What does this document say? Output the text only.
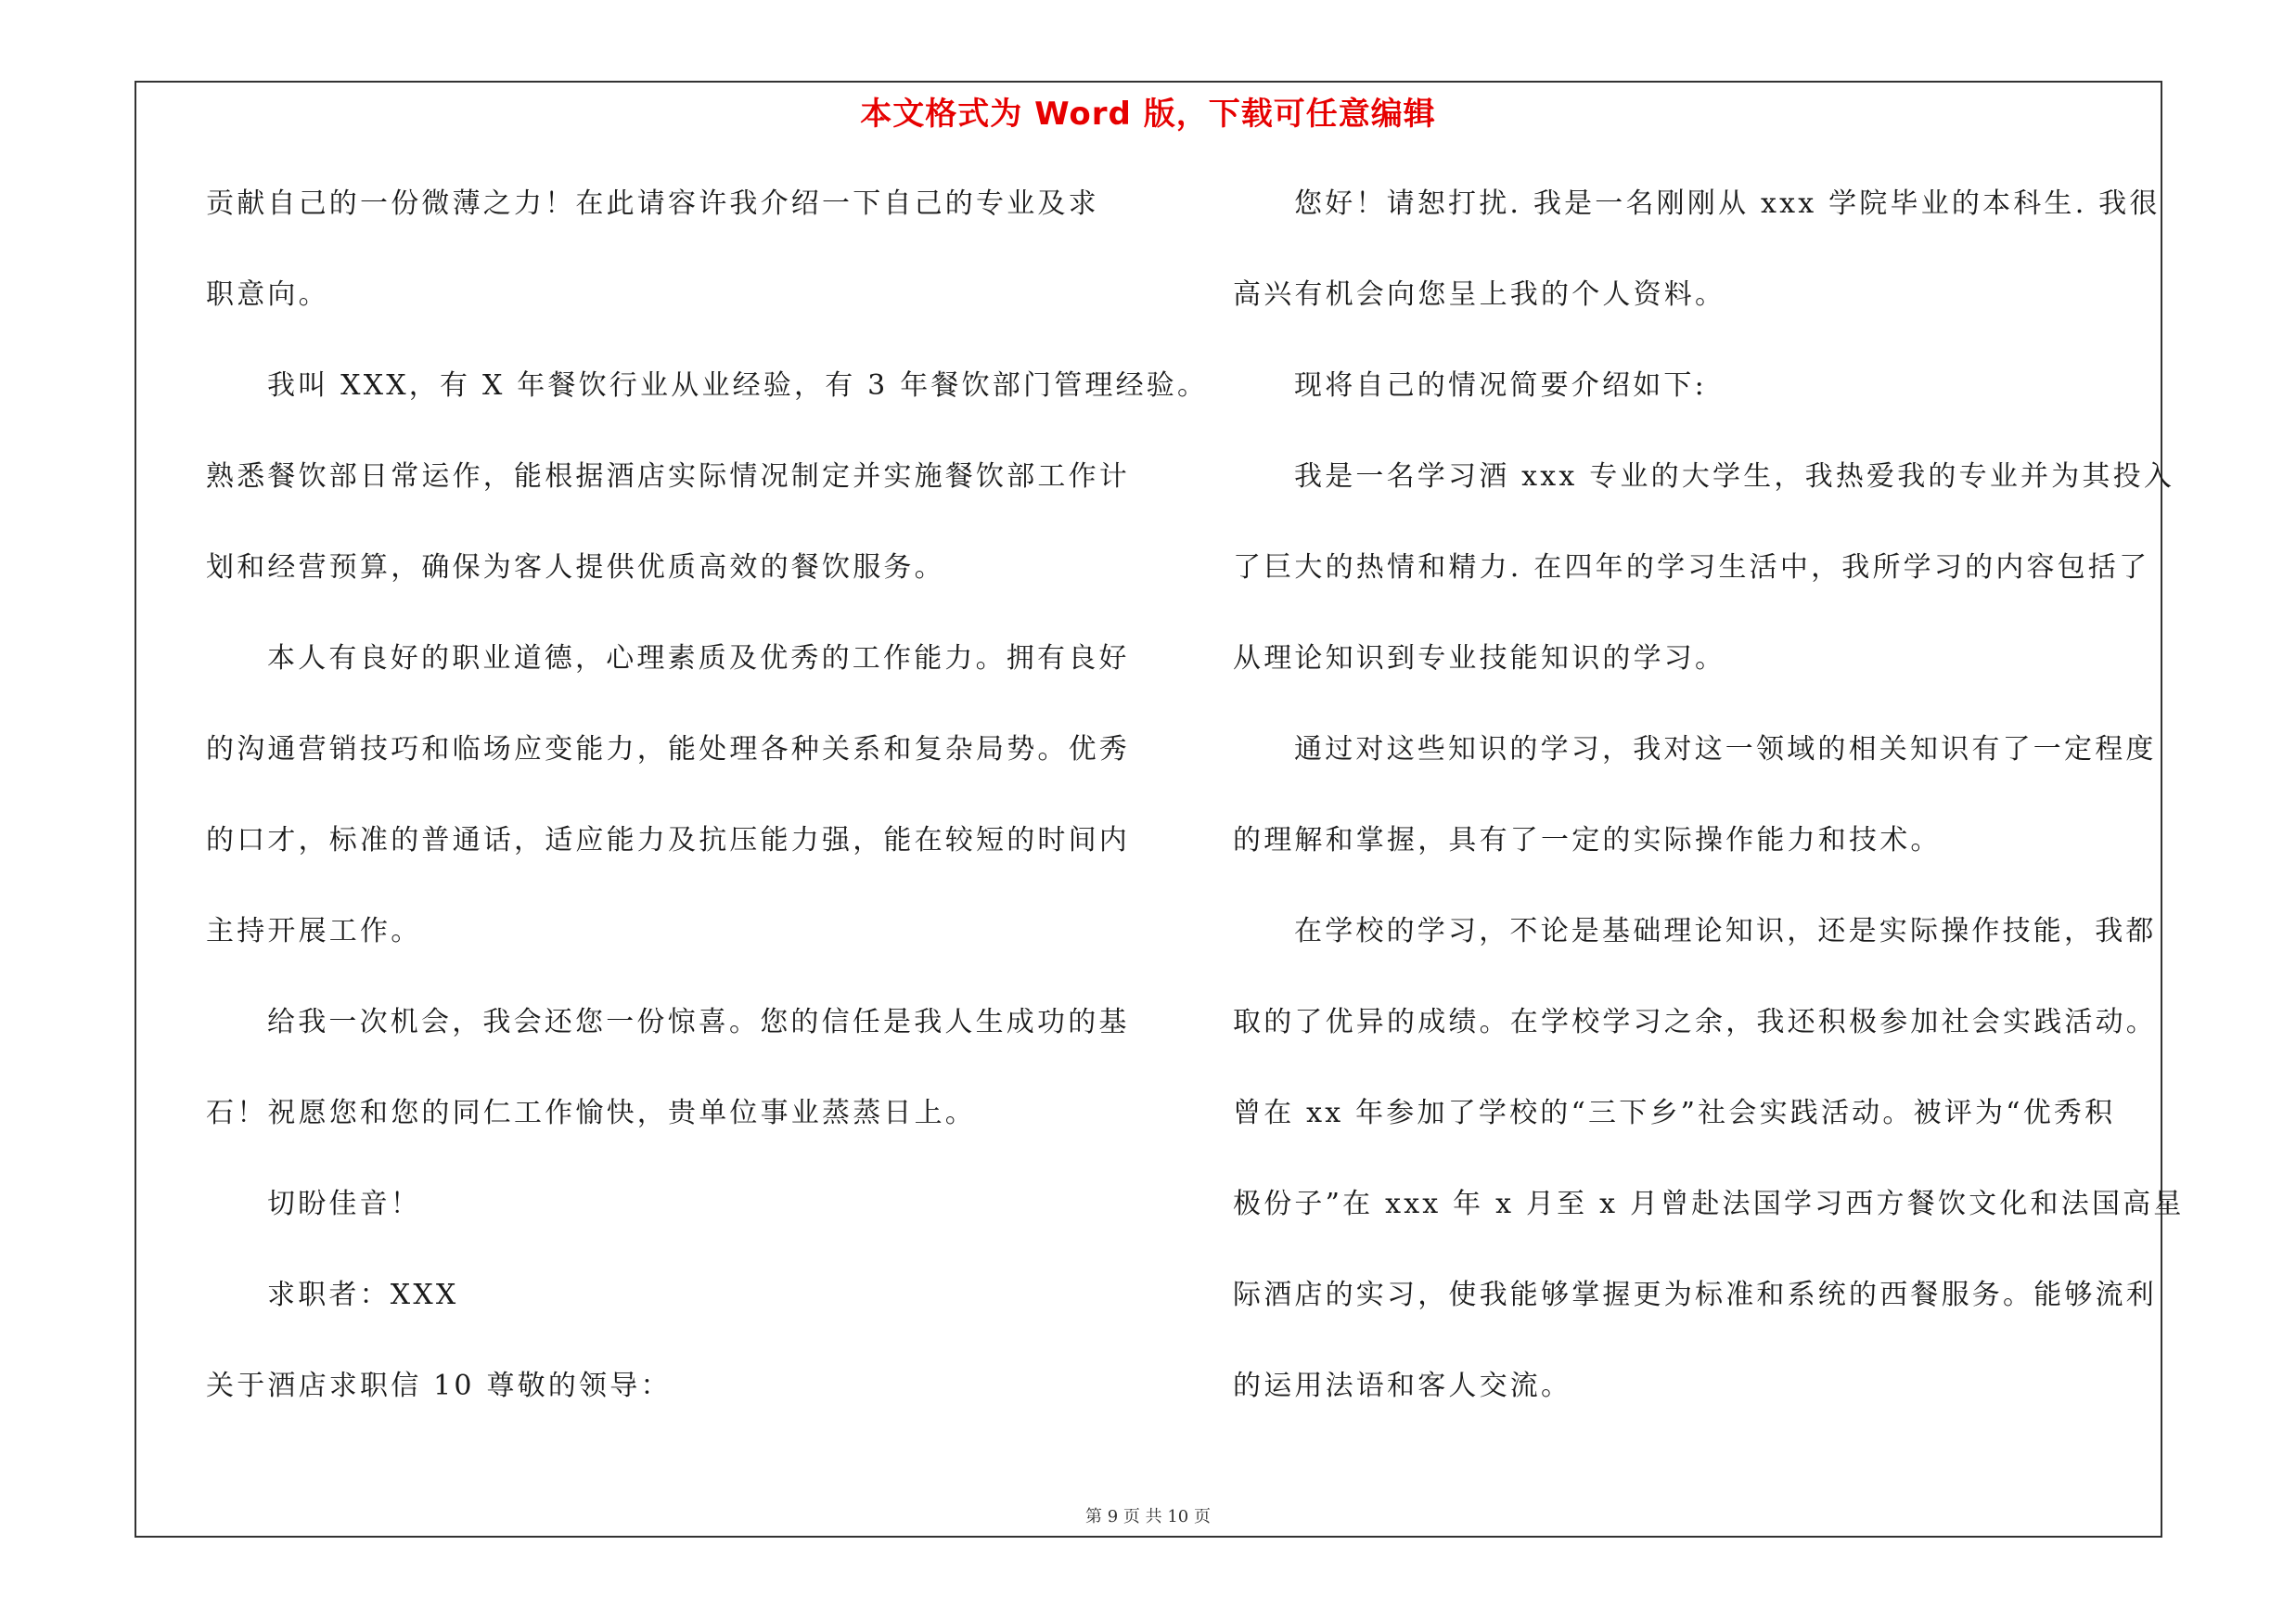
本文格式为 Word 版，下载可任意编辑
贡献自己的一份微薄之力！在此请容许我介绍一下自己的专业及求
职意向。
我叫 XXX，有 X 年餐饮行业从业经验，有 3 年餐饮部门管理经验。
熟悉餐饮部日常运作，能根据酒店实际情况制定并实施餐饮部工作计
划和经营预算，确保为客人提供优质高效的餐饮服务。
本人有良好的职业道德，心理素质及优秀的工作能力。拥有良好
的沟通营销技巧和临场应变能力，能处理各种关系和复杂局势。优秀
的口才，标准的普通话，适应能力及抗压能力强，能在较短的时间内
主持开展工作。
给我一次机会，我会还您一份惊喜。您的信任是我人生成功的基
石！祝愿您和您的同仁工作愉快，贵单位事业蒸蒸日上。
切盼佳音！
求职者：XXX
关于酒店求职信 10 尊敬的领导：
您好！请恕打扰. 我是一名刚刚从 xxx 学院毕业的本科生. 我很
高兴有机会向您呈上我的个人资料。
现将自己的情况简要介绍如下:
我是一名学习酒 xxx 专业的大学生，我热爱我的专业并为其投入
了巨大的热情和精力. 在四年的学习生活中，我所学习的内容包括了
从理论知识到专业技能知识的学习。
通过对这些知识的学习，我对这一领域的相关知识有了一定程度
的理解和掌握，具有了一定的实际操作能力和技术。
在学校的学习，不论是基础理论知识，还是实际操作技能，我都
取的了优异的成绩。在学校学习之余，我还积极参加社会实践活动。
曾在 xx 年参加了学校的“三下乡”社会实践活动。被评为“优秀积
极份子”在 xxx 年 x 月至 x 月曾赴法国学习西方餐饮文化和法国高星
际酒店的实习，使我能够掌握更为标准和系统的西餐服务。能够流利
的运用法语和客人交流。
第 9 页 共 10 页
